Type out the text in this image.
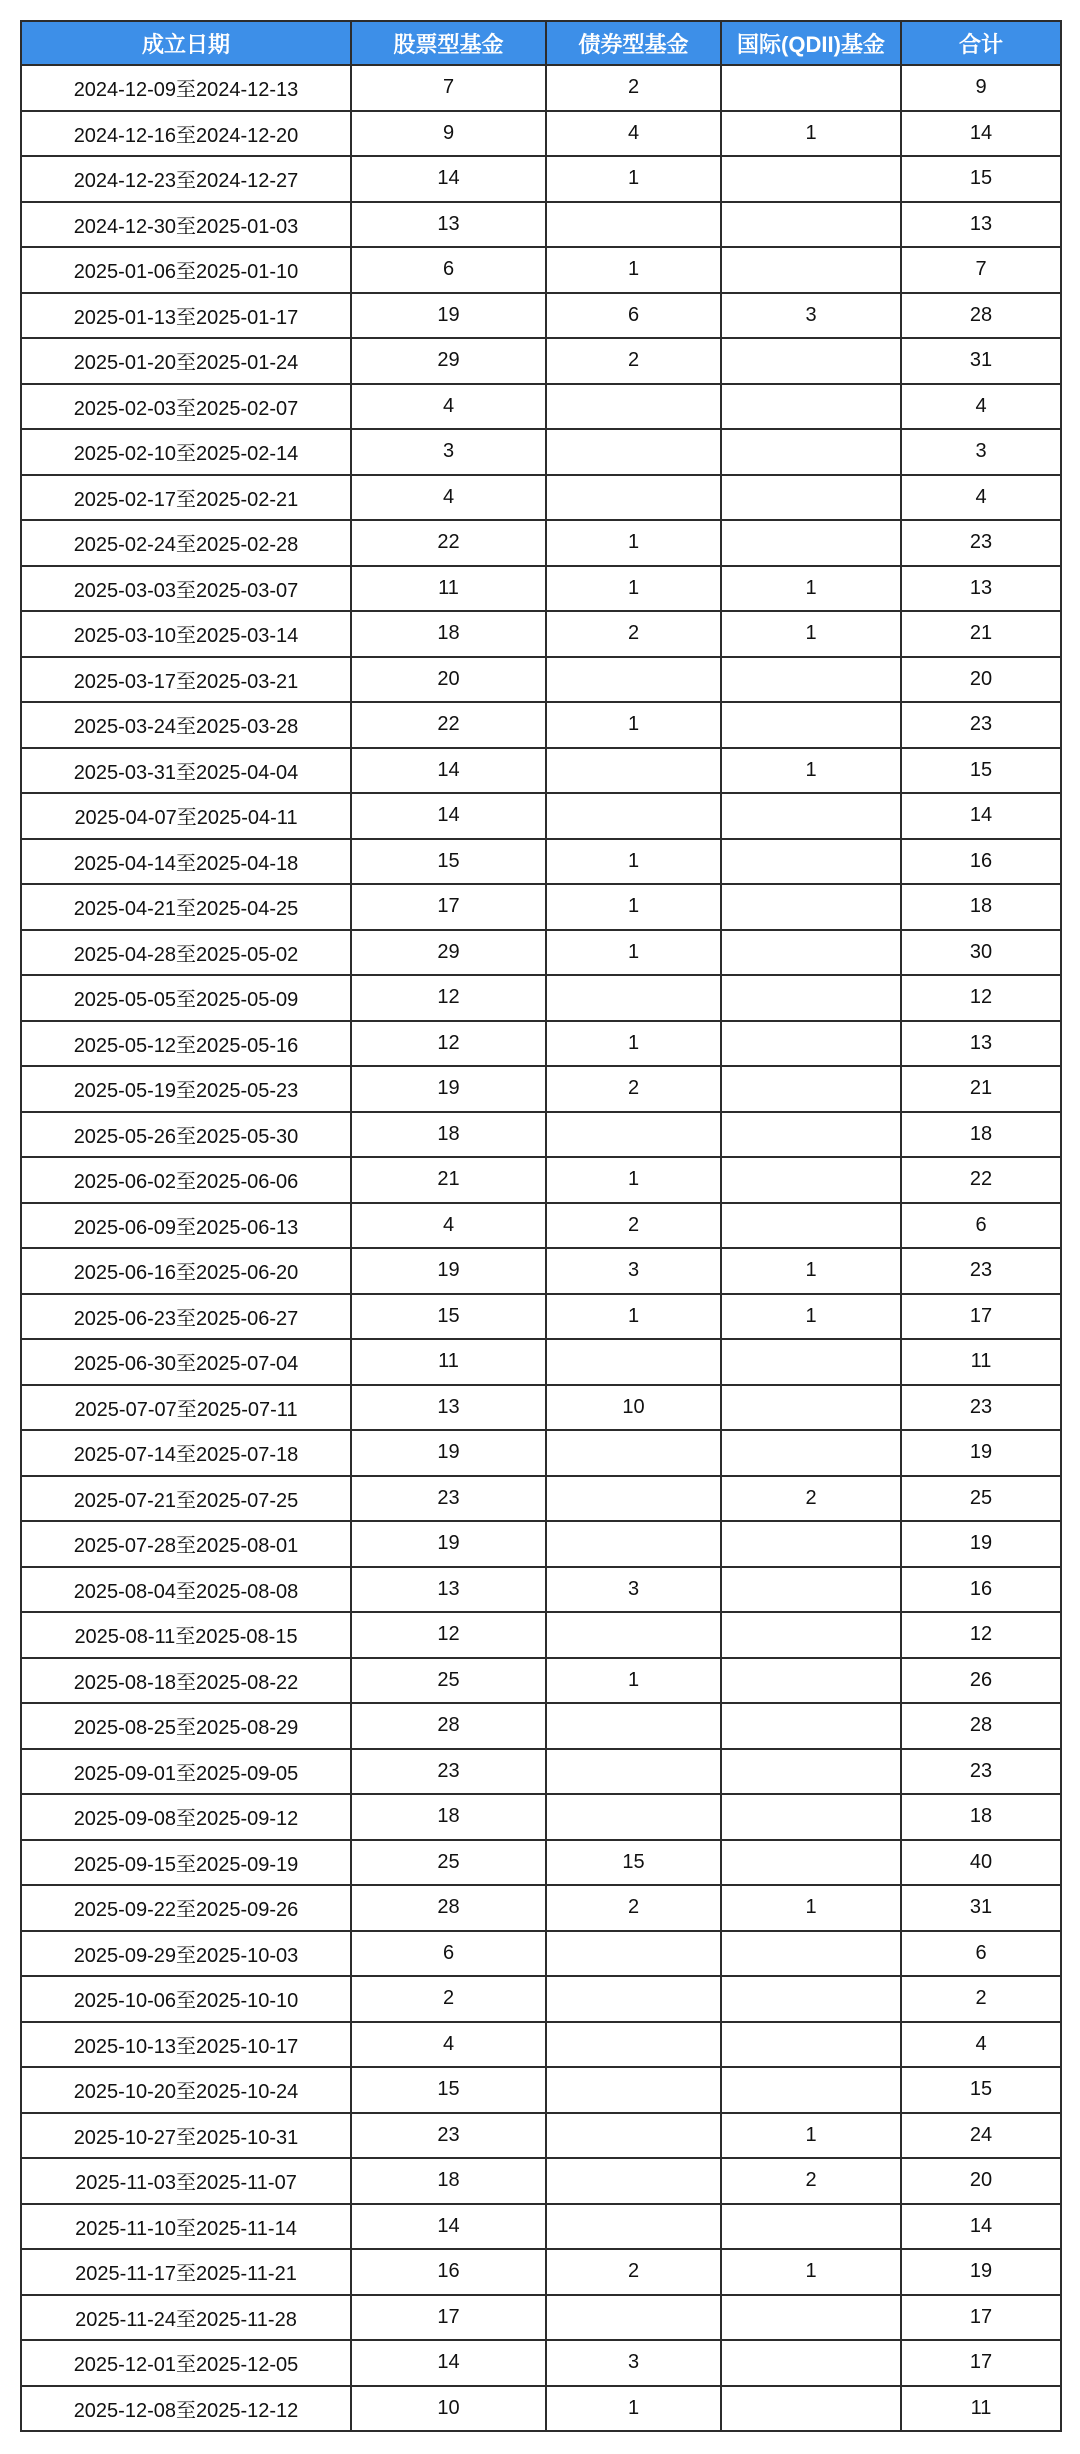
成立日期	股票型基金	债券型基金	国际(QDII)基金	合计
2024-12-09至2024-12-13	7	2		9
2024-12-16至2024-12-20	9	4	1	14
2024-12-23至2024-12-27	14	1		15
2024-12-30至2025-01-03	13			13
2025-01-06至2025-01-10	6	1		7
2025-01-13至2025-01-17	19	6	3	28
2025-01-20至2025-01-24	29	2		31
2025-02-03至2025-02-07	4			4
2025-02-10至2025-02-14	3			3
2025-02-17至2025-02-21	4			4
2025-02-24至2025-02-28	22	1		23
2025-03-03至2025-03-07	11	1	1	13
2025-03-10至2025-03-14	18	2	1	21
2025-03-17至2025-03-21	20			20
2025-03-24至2025-03-28	22	1		23
2025-03-31至2025-04-04	14		1	15
2025-04-07至2025-04-11	14			14
2025-04-14至2025-04-18	15	1		16
2025-04-21至2025-04-25	17	1		18
2025-04-28至2025-05-02	29	1		30
2025-05-05至2025-05-09	12			12
2025-05-12至2025-05-16	12	1		13
2025-05-19至2025-05-23	19	2		21
2025-05-26至2025-05-30	18			18
2025-06-02至2025-06-06	21	1		22
2025-06-09至2025-06-13	4	2		6
2025-06-16至2025-06-20	19	3	1	23
2025-06-23至2025-06-27	15	1	1	17
2025-06-30至2025-07-04	11			11
2025-07-07至2025-07-11	13	10		23
2025-07-14至2025-07-18	19			19
2025-07-21至2025-07-25	23		2	25
2025-07-28至2025-08-01	19			19
2025-08-04至2025-08-08	13	3		16
2025-08-11至2025-08-15	12			12
2025-08-18至2025-08-22	25	1		26
2025-08-25至2025-08-29	28			28
2025-09-01至2025-09-05	23			23
2025-09-08至2025-09-12	18			18
2025-09-15至2025-09-19	25	15		40
2025-09-22至2025-09-26	28	2	1	31
2025-09-29至2025-10-03	6			6
2025-10-06至2025-10-10	2			2
2025-10-13至2025-10-17	4			4
2025-10-20至2025-10-24	15			15
2025-10-27至2025-10-31	23		1	24
2025-11-03至2025-11-07	18		2	20
2025-11-10至2025-11-14	14			14
2025-11-17至2025-11-21	16	2	1	19
2025-11-24至2025-11-28	17			17
2025-12-01至2025-12-05	14	3		17
2025-12-08至2025-12-12	10	1		11
